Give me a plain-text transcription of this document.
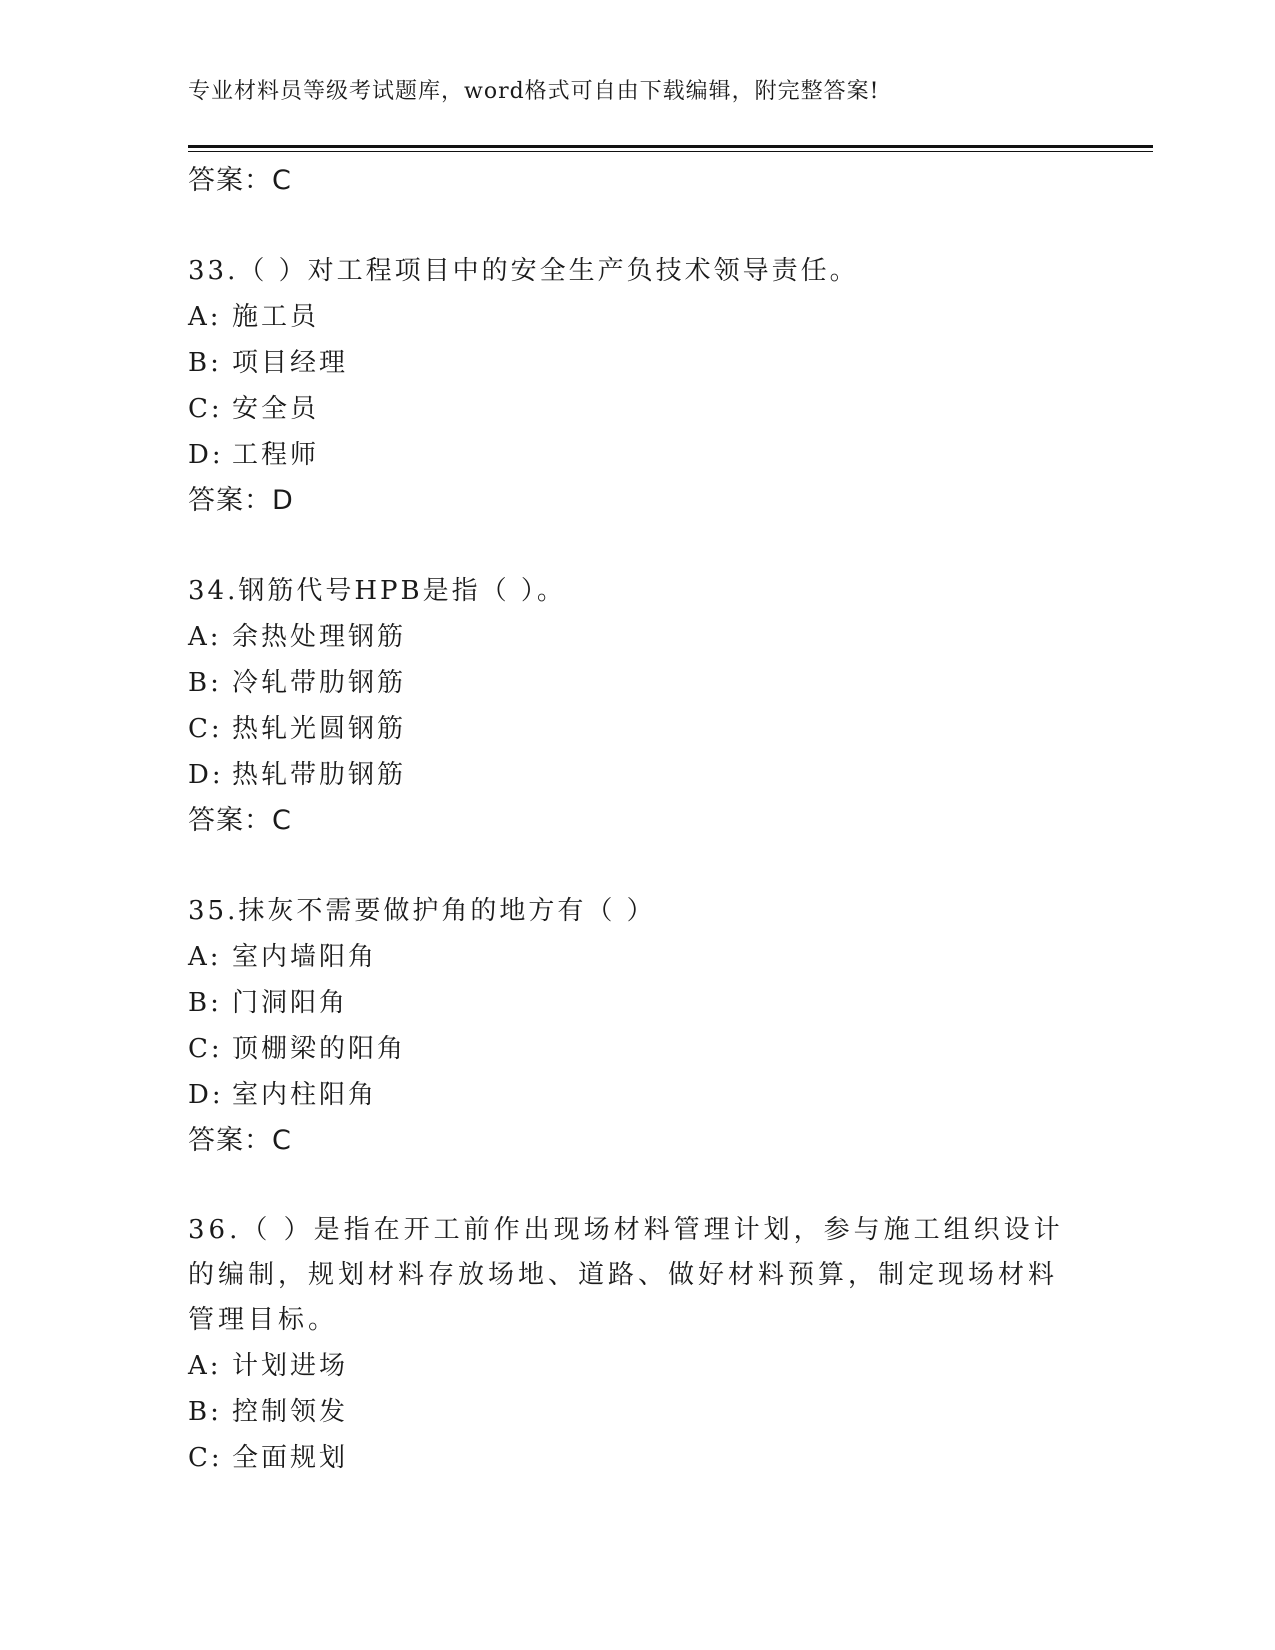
专业材料员等级考试题库，word格式可自由下载编辑，附完整答案!
答案：C
33.（ ）对工程项目中的安全生产负技术领导责任。
A: 施工员
B: 项目经理
C: 安全员
D: 工程师
答案：D
34.钢筋代号HPB是指（ ）。
A: 余热处理钢筋
B: 冷轧带肋钢筋
C: 热轧光圆钢筋
D: 热轧带肋钢筋
答案：C
35.抹灰不需要做护角的地方有（ ）
A: 室内墙阳角
B: 门洞阳角
C: 顶棚梁的阳角
D: 室内柱阳角
答案：C
36.（ ）是指在开工前作出现场材料管理计划，参与施工组织设计的编制，规划材料存放场地、道路、做好材料预算，制定现场材料管理目标。
A: 计划进场
B: 控制领发
C: 全面规划
